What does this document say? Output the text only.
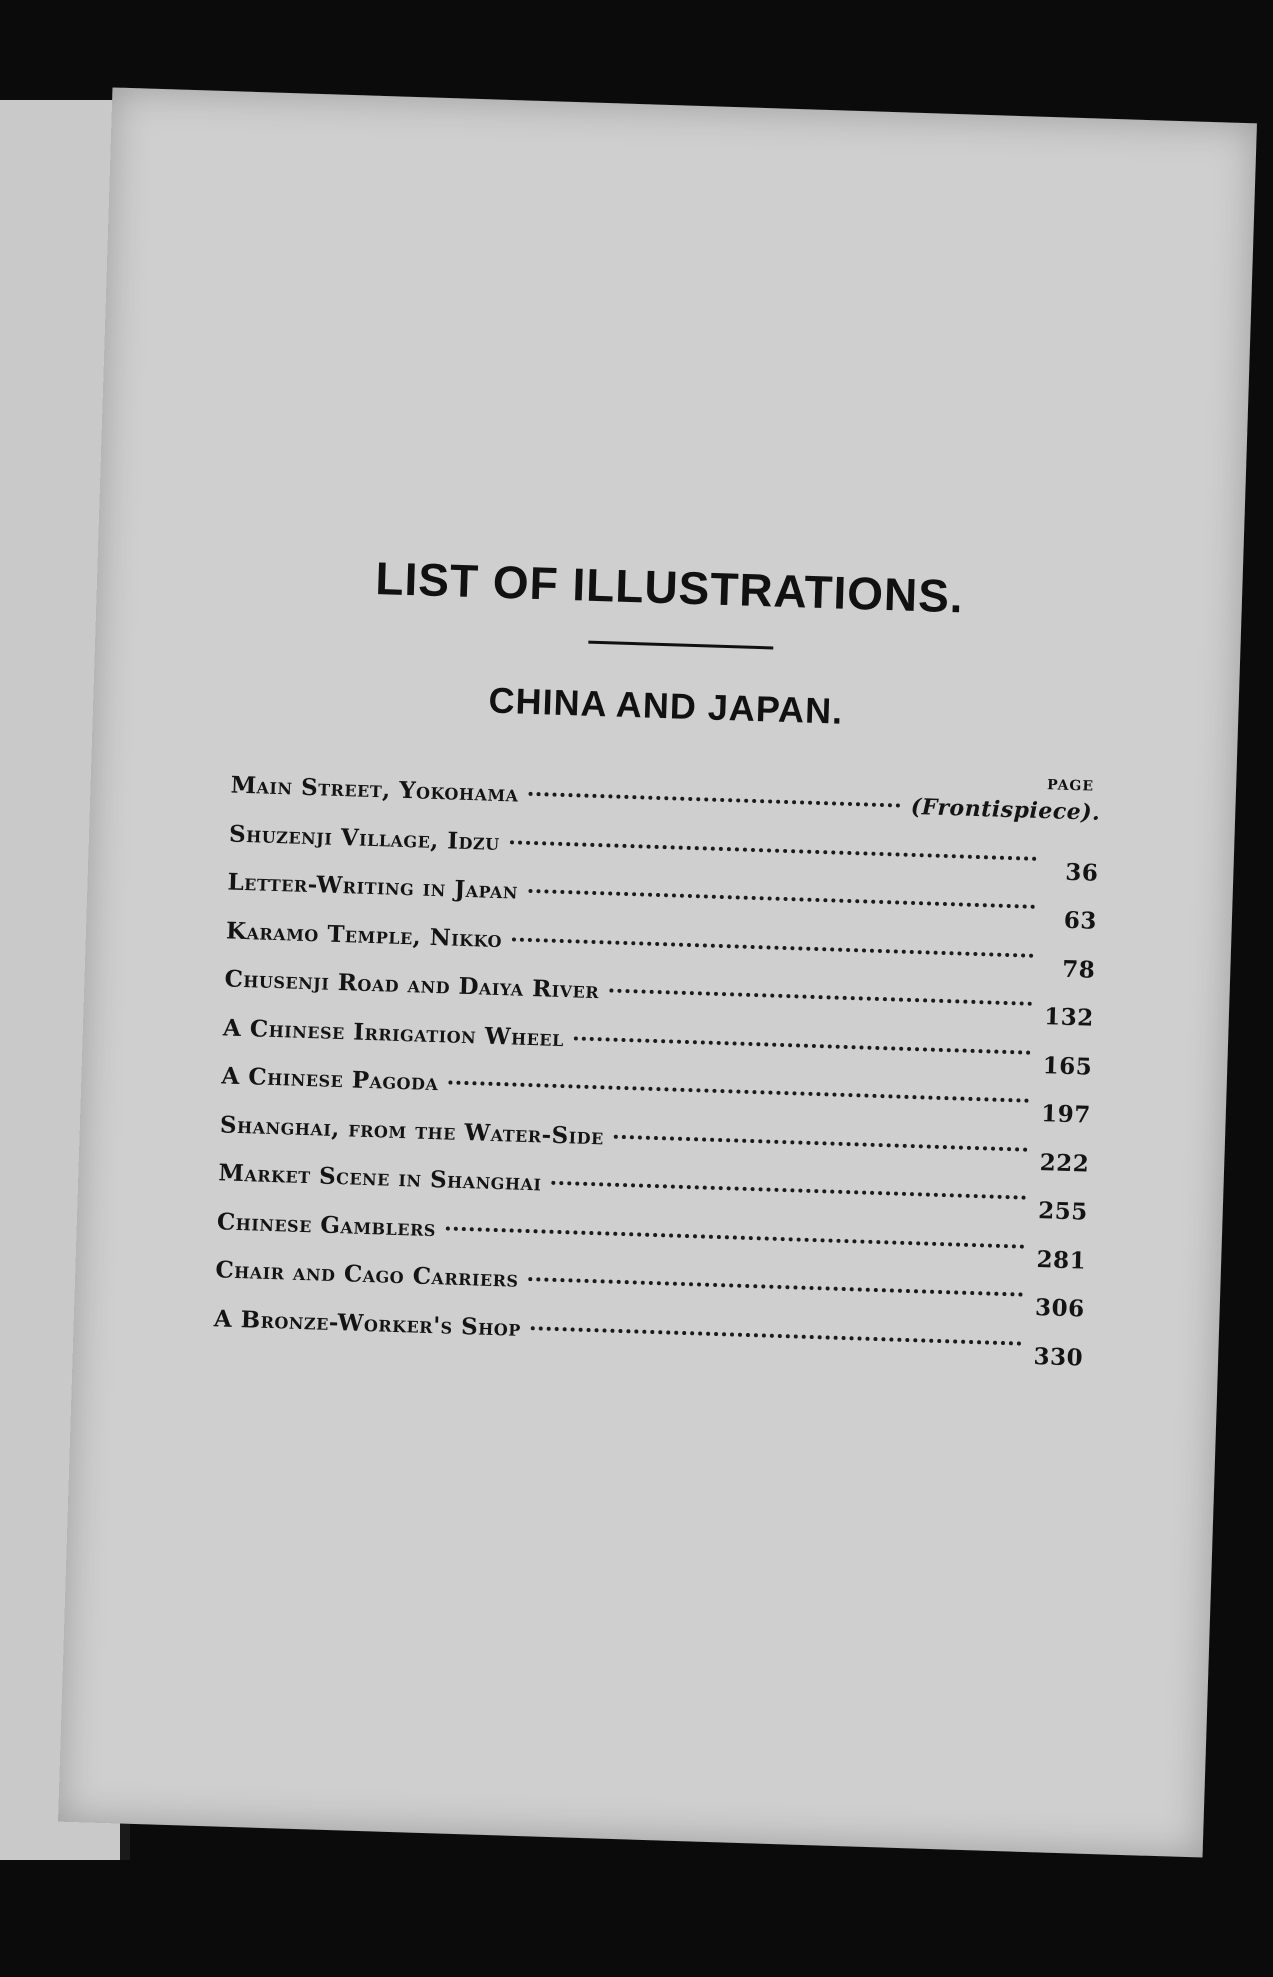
LIST OF ILLUSTRATIONS.
CHINA AND JAPAN.
PAGE
Main Street, Yokohama
(Frontispiece).
Shuzenji Village, Idzu
36
Letter-Writing in Japan
63
Karamo Temple, Nikko
78
Chusenji Road and Daiya River
132
A Chinese Irrigation Wheel
165
A Chinese Pagoda
197
Shanghai, from the Water-Side
222
Market Scene in Shanghai
255
Chinese Gamblers
281
Chair and Cago Carriers
306
A Bronze-Worker's Shop
330
